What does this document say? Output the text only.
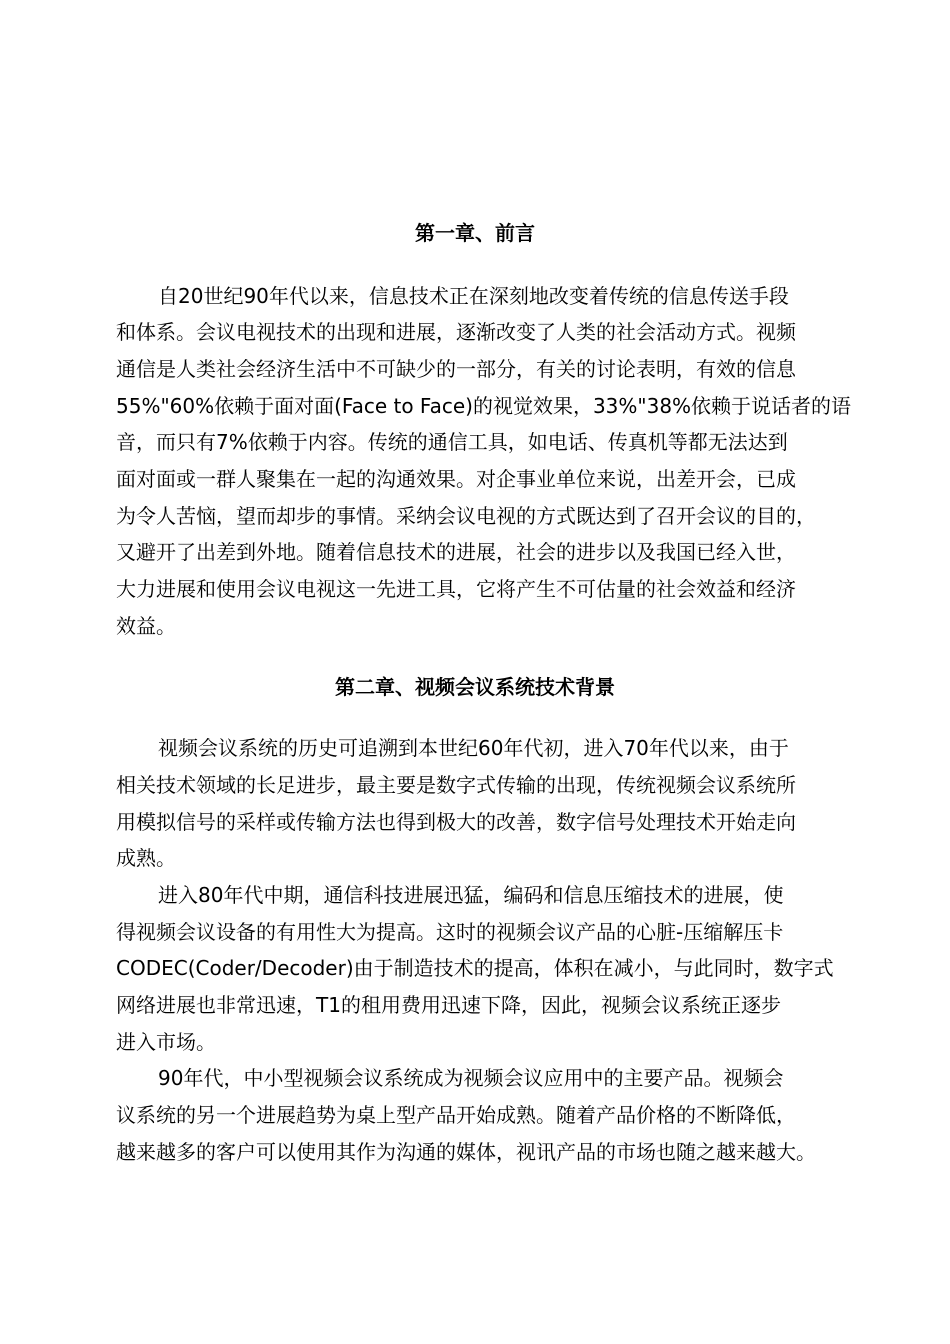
第一章、前言
自20世纪90年代以来，信息技术正在深刻地改变着传统的信息传送手段
和体系。会议电视技术的出现和进展，逐渐改变了人类的社会活动方式。视频
通信是人类社会经济生活中不可缺少的一部分，有关的讨论表明，有效的信息
55%"60%依赖于面对面(Face to Face)的视觉效果，33%"38%依赖于说话者的语
音，而只有7%依赖于内容。传统的通信工具，如电话、传真机等都无法达到
面对面或一群人聚集在一起的沟通效果。对企事业单位来说，出差开会，已成
为令人苦恼，望而却步的事情。采纳会议电视的方式既达到了召开会议的目的，
又避开了出差到外地。随着信息技术的进展，社会的进步以及我国已经入世，
大力进展和使用会议电视这一先进工具，它将产生不可估量的社会效益和经济
效益。
第二章、视频会议系统技术背景
视频会议系统的历史可追溯到本世纪60年代初，进入70年代以来，由于
相关技术领域的长足进步，最主要是数字式传输的出现，传统视频会议系统所
用模拟信号的采样或传输方法也得到极大的改善，数字信号处理技术开始走向
成熟。
进入80年代中期，通信科技进展迅猛，编码和信息压缩技术的进展，使
得视频会议设备的有用性大为提高。这时的视频会议产品的心脏-压缩解压卡
CODEC(Coder/Decoder)由于制造技术的提高，体积在减小，与此同时，数字式
网络进展也非常迅速，T1的租用费用迅速下降，因此，视频会议系统正逐步
进入市场。
90年代，中小型视频会议系统成为视频会议应用中的主要产品。视频会
议系统的另一个进展趋势为桌上型产品开始成熟。随着产品价格的不断降低，
越来越多的客户可以使用其作为沟通的媒体，视讯产品的市场也随之越来越大。
